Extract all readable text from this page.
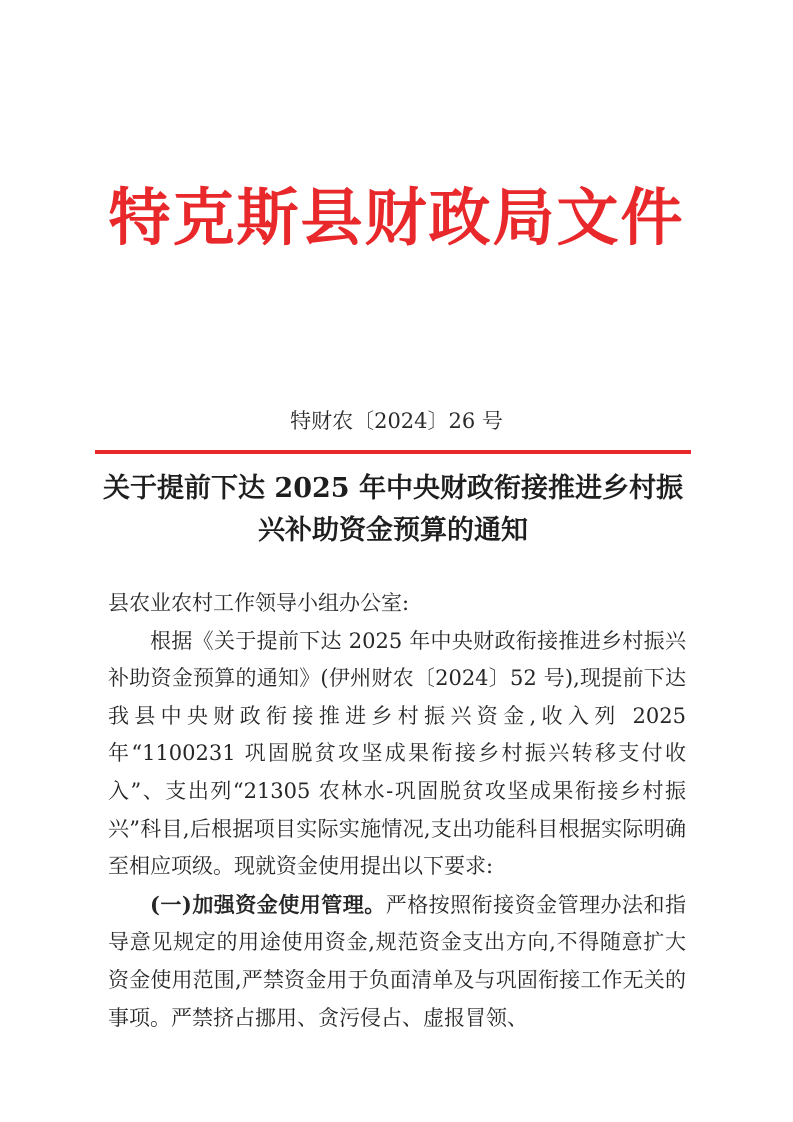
特克斯县财政局文件
特财农〔2024〕26 号
关于提前下达 2025 年中央财政衔接推进乡村振兴补助资金预算的通知

县农业农村工作领导小组办公室:

根据《关于提前下达 2025 年中央财政衔接推进乡村振兴补助资金预算的通知》(伊州财农〔2024〕52 号),现提前下达我县中央财政衔接推进乡村振兴资金,收入列 2025 年“1100231 巩固脱贫攻坚成果衔接乡村振兴转移支付收入”、支出列“21305 农林水-巩固脱贫攻坚成果衔接乡村振兴”科目,后根据项目实际实施情况,支出功能科目根据实际明确至相应项级。现就资金使用提出以下要求:

(一)加强资金使用管理。严格按照衔接资金管理办法和指导意见规定的用途使用资金,规范资金支出方向,不得随意扩大资金使用范围,严禁资金用于负面清单及与巩固衔接工作无关的事项。严禁挤占挪用、贪污侵占、虚报冒领、
